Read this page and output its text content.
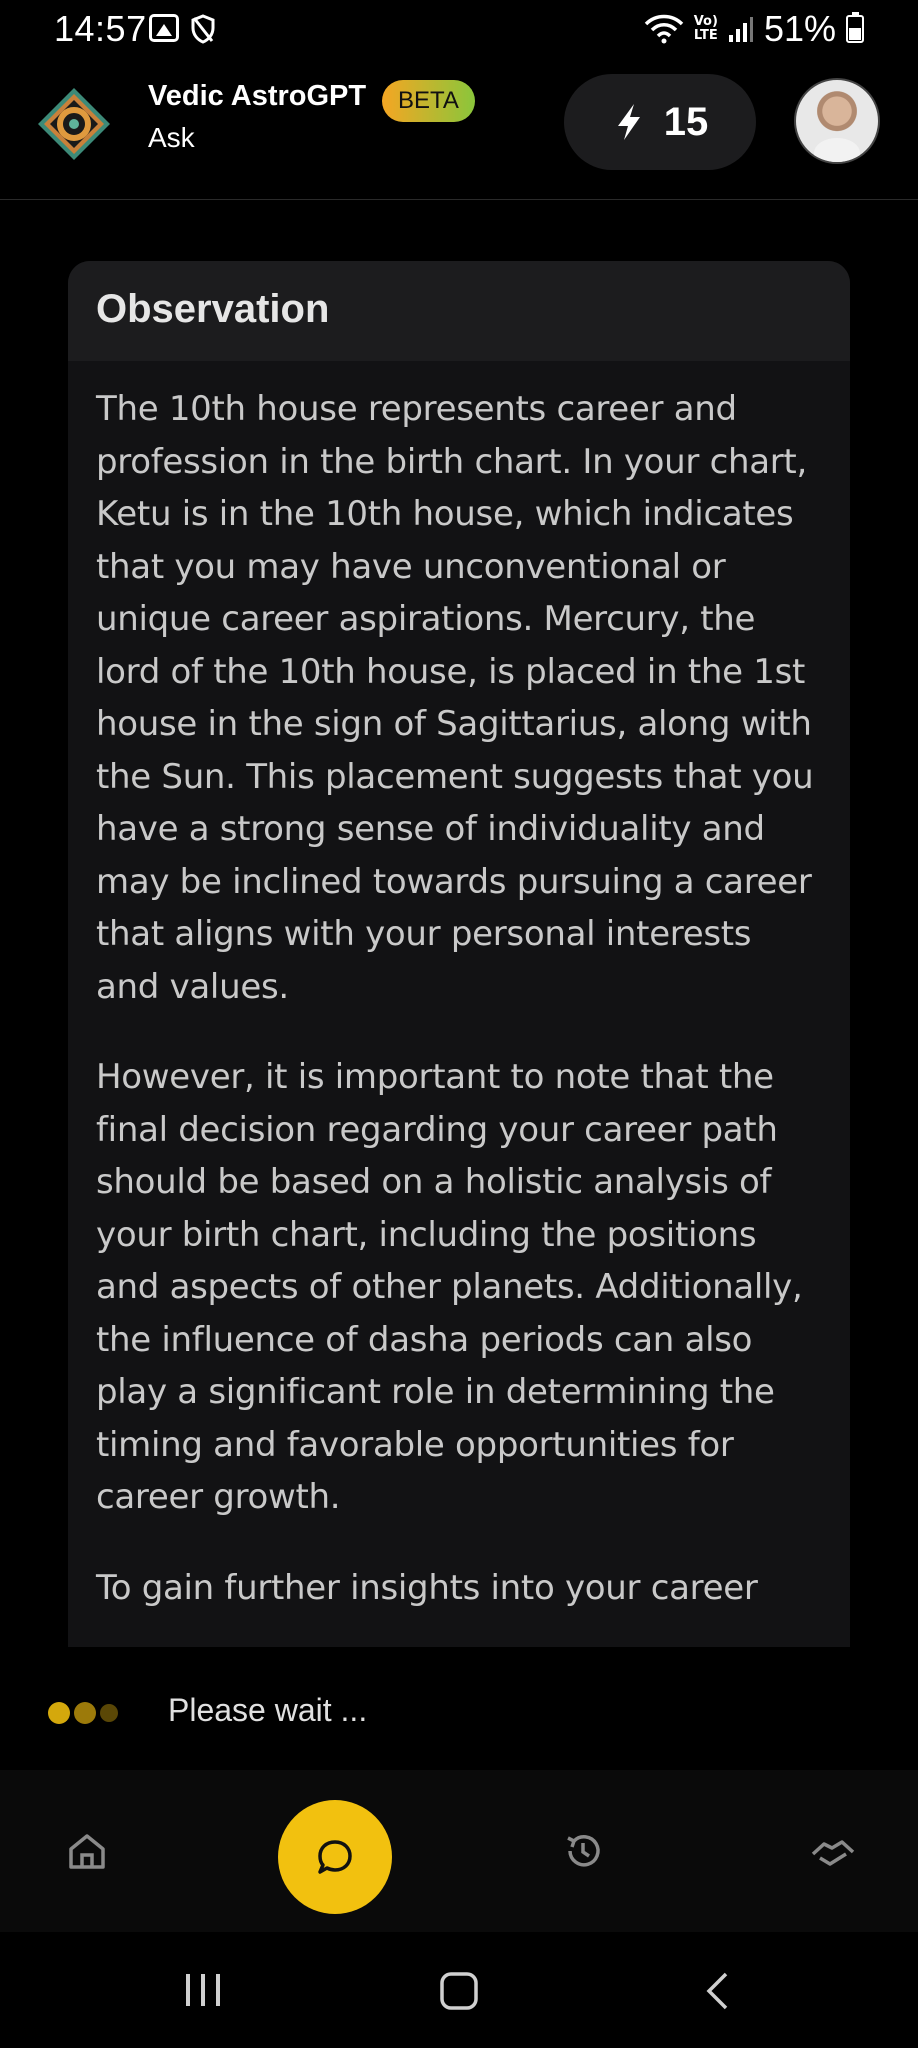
14:57	Vo)
LTE 51%
Vedic AstroGPT	BETA
Ask	15
Observation

The 10th house represents career and profession in the birth chart. In your chart, Ketu is in the 10th house, which indicates that you may have unconventional or unique career aspirations. Mercury, the lord of the 10th house, is placed in the 1st house in the sign of Sagittarius, along with the Sun. This placement suggests that you have a strong sense of individuality and may be inclined towards pursuing a career that aligns with your personal interests and values.

However, it is important to note that the final decision regarding your career path should be based on a holistic analysis of your birth chart, including the positions and aspects of other planets. Additionally, the influence of dasha periods can also play a significant role in determining the timing and favorable opportunities for career growth.

To gain further insights into your career

Please wait ...
